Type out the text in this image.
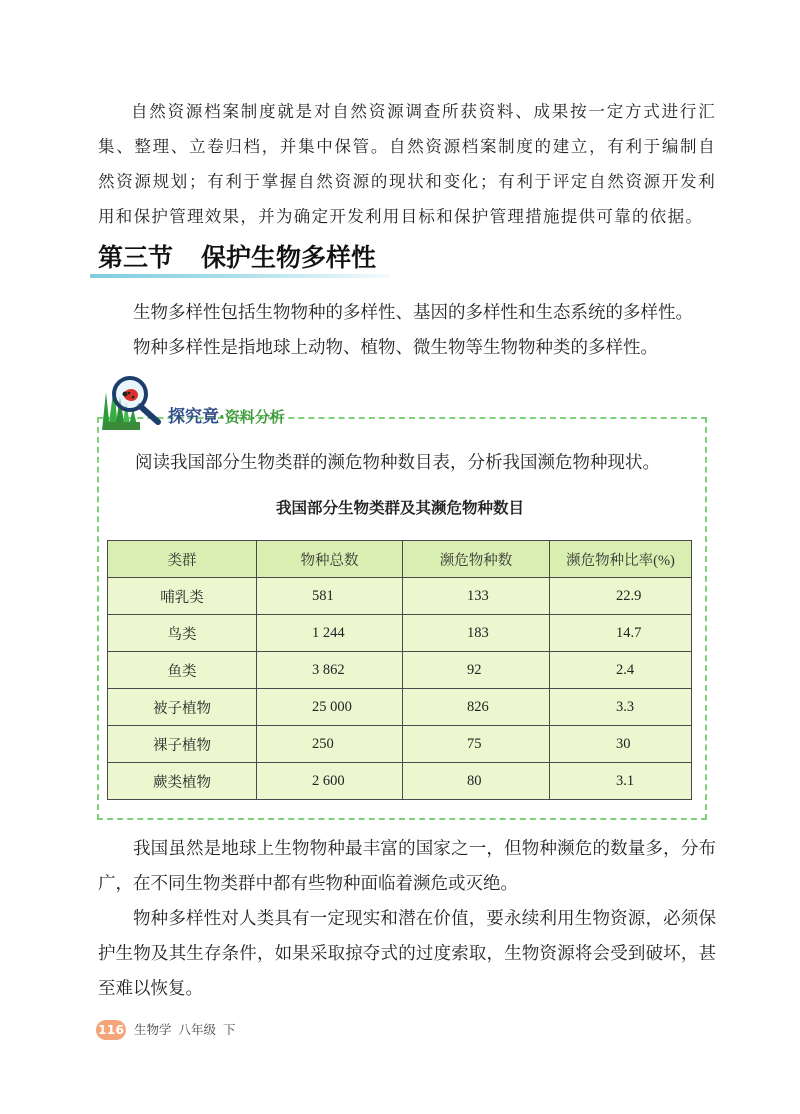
自然资源档案制度就是对自然资源调查所获资料、成果按一定方式进行汇集、整理、立卷归档，并集中保管。自然资源档案制度的建立，有利于编制自然资源规划；有利于掌握自然资源的现状和变化；有利于评定自然资源开发利用和保护管理效果，并为确定开发利用目标和保护管理措施提供可靠的依据。

第三节 保护生物多样性

生物多样性包括生物物种的多样性、基因的多样性和生态系统的多样性。

物种多样性是指地球上动物、植物、微生物等生物物种类的多样性。

探究竟·资料分析

阅读我国部分生物类群的濒危物种数目表，分析我国濒危物种现状。

我国部分生物类群及其濒危物种数目

类群	物种总数	濒危物种数	濒危物种比率(%)
哺乳类	581	133	22.9
鸟类	1 244	183	14.7
鱼类	3 862	92	2.4
被子植物	25 000	826	3.3
裸子植物	250	75	30
蕨类植物	2 600	80	3.1

我国虽然是地球上生物物种最丰富的国家之一，但物种濒危的数量多，分布广，在不同生物类群中都有些物种面临着濒危或灭绝。

物种多样性对人类具有一定现实和潜在价值，要永续利用生物资源，必须保护生物及其生存条件，如果采取掠夺式的过度索取，生物资源将会受到破坏，甚至难以恢复。

116 生物学 八年级 下
